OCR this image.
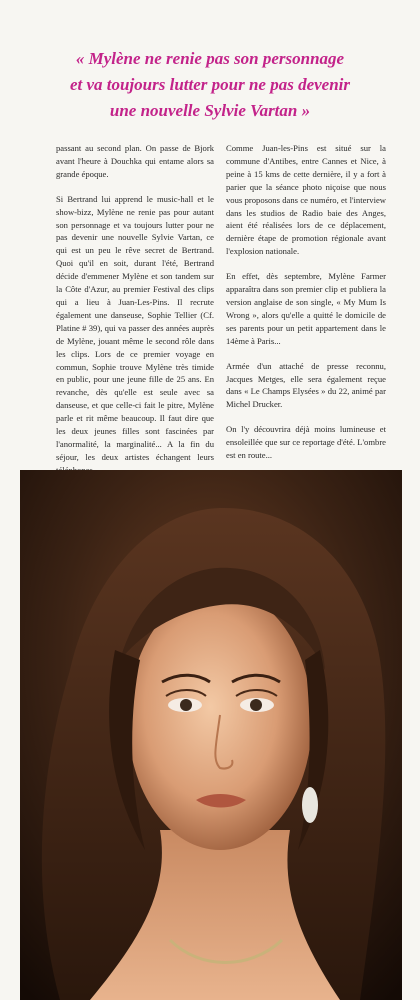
« Mylène ne renie pas son personnage
et va toujours lutter pour ne pas devenir
une nouvelle Sylvie Vartan »

passant au second plan. On passe de Bjork avant l'heure à Douchka qui entame alors sa grande époque.

Si Bertrand lui apprend le music-hall et le show-bizz, Mylène ne renie pas pour autant son personnage et va toujours lutter pour ne pas devenir une nouvelle Sylvie Vartan, ce qui est un peu le rêve secret de Bertrand. Quoi qu'il en soit, durant l'été, Bertrand décide d'emmener Mylène et son tandem sur la Côte d'Azur, au premier Festival des clips qui a lieu à Juan-Les-Pins. Il recrute également une danseuse, Sophie Tellier (Cf. Platine # 39), qui va passer des années auprès de Mylène, jouant même le second rôle dans les clips. Lors de ce premier voyage en commun, Sophie trouve Mylène très timide en public, pour une jeune fille de 25 ans. En revanche, dès qu'elle est seule avec sa danseuse, et que celle-ci fait le pitre, Mylène parle et rit même beaucoup. Il faut dire que les deux jeunes filles sont fascinées par l'anormalité, la marginalité... A la fin du séjour, les deux artistes échangent leurs

Comme Juan-les-Pins est situé sur la commune d'Antibes, entre Cannes et Nice, à peine à 15 kms de cette dernière, il y a fort à parier que la séance photo niçoise que nous vous proposons dans ce numéro, et l'interview dans les studios de Radio baie des Anges, aient été réalisées lors de ce déplacement, dernière étape de promotion régionale avant l'explosion nationale.

En effet, dès septembre, Mylène Farmer apparaîtra dans son premier clip et publiera la version anglaise de son single, « My Mum Is Wrong », alors qu'elle a quitté le domicile de ses parents pour un petit appartement dans le 14ème à Paris...

Armée d'un attaché de presse reconnu, Jacques Metges, elle sera également reçue dans « Le Champs Elysées » du 22, animé par Michel Drucker.

On l'y découvrira déjà moins lumineuse et ensoleillée que sur ce reportage d'été. L'ombre est en route...
